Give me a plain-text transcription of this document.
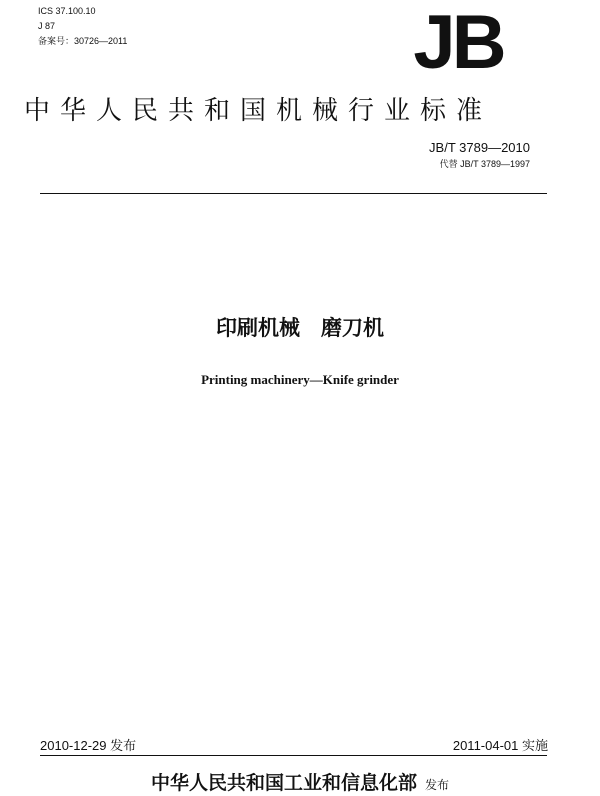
ICS 37.100.10
J 87
备案号：30726—2011	JB
中华人民共和国机械行业标准
JB/T 3789—2010
代替 JB/T 3789—1997
印刷机械　磨刀机
Printing machinery—Knife grinder
2010-12-29 发布	2011-04-01 实施
中华人民共和国工业和信息化部 发布
